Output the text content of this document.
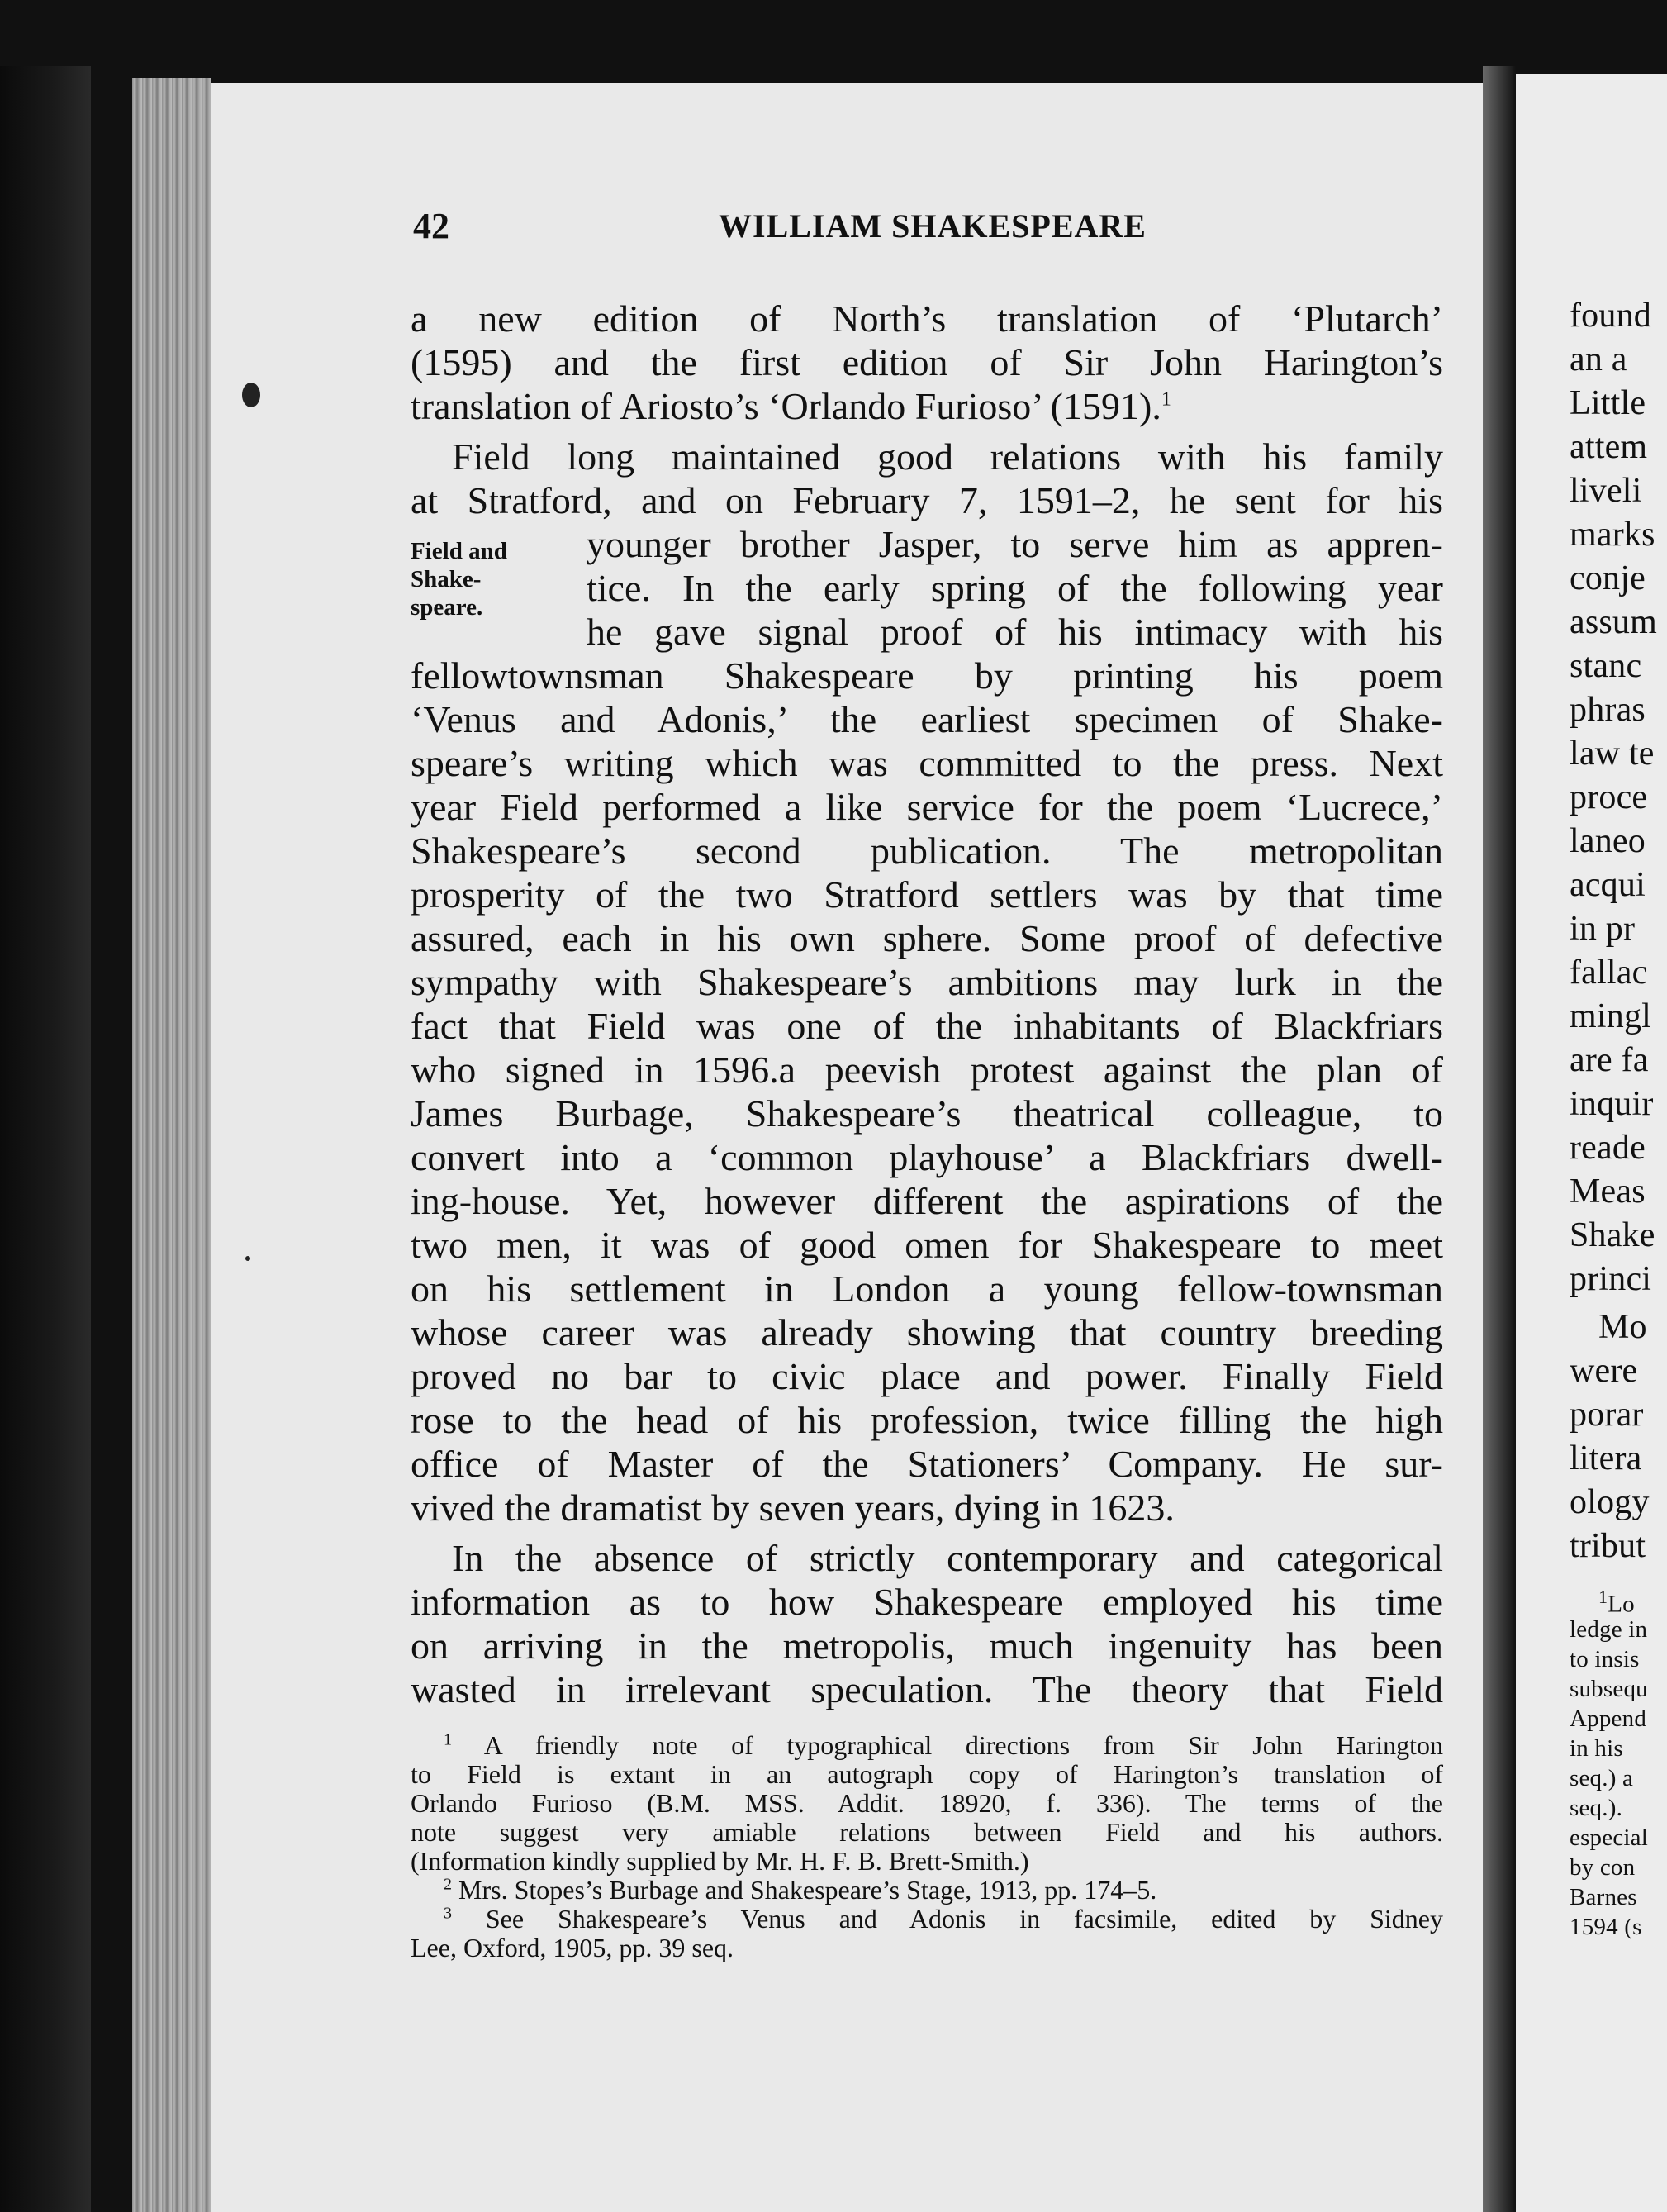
42	WILLIAM SHAKESPEARE
Field and
Shake-
speare.
a new edition of North’s translation of ‘Plutarch’
(1595) and the first edition of Sir John Harington’s
translation of Ariosto’s ‘Orlando Furioso’ (1591).$^1$
Field long maintained good relations with his family
at Stratford, and on February 7, 1591–2, he sent for his
younger brother Jasper, to serve him as appren-
tice. In the early spring of the following year
he gave signal proof of his intimacy with his
fellowtownsman Shakespeare by printing his poem
‘Venus and Adonis,’ the earliest specimen of Shake-
speare’s writing which was committed to the press. Next
year Field performed a like service for the poem ‘Lucrece,’
Shakespeare’s second publication. The metropolitan
prosperity of the two Stratford settlers was by that time
assured, each in his own sphere. Some proof of defective
sympathy with Shakespeare’s ambitions may lurk in the
fact that Field was one of the inhabitants of Blackfriars
who signed in 1596.a peevish protest against the plan of
James Burbage, Shakespeare’s theatrical colleague, to
convert into a ‘common playhouse’ a Blackfriars dwell-
ing-house. Yet, however different the aspirations of the
two men, it was of good omen for Shakespeare to meet
on his settlement in London a young fellow-townsman
whose career was already showing that country breeding
proved no bar to civic place and power. Finally Field
rose to the head of his profession, twice filling the high
office of Master of the Stationers’ Company. He sur-
vived the dramatist by seven years, dying in 1623.
In the absence of strictly contemporary and categorical
information as to how Shakespeare employed his time
on arriving in the metropolis, much ingenuity has been
wasted in irrelevant speculation. The theory that Field
$^1$ A friendly note of typographical directions from Sir John Harington
to Field is extant in an autograph copy of Harington’s translation of
Orlando Furioso (B.M. MSS. Addit. 18920, f. 336). The terms of the
note suggest very amiable relations between Field and his authors.
(Information kindly supplied by Mr. H. F. B. Brett-Smith.)
$^2$ Mrs. Stopes’s Burbage and Shakespeare’s Stage, 1913, pp. 174–5.
$^3$ See Shakespeare’s Venus and Adonis in facsimile, edited by Sidney
Lee, Oxford, 1905, pp. 39 seq.
found
an a
Little
attem
liveli
marks
conje
assum
stanc
phras
law te
proce
laneo
acqui
in pr
fallac
mingl
are fa
inquir
reade
Meas
Shake
princi
Mo
were
porar
litera
ology
tribut
$^1$Lo
ledge in
to insis
subsequ
Append
in his
seq.) a
seq.).
especial
by con
Barnes
1594 (s
